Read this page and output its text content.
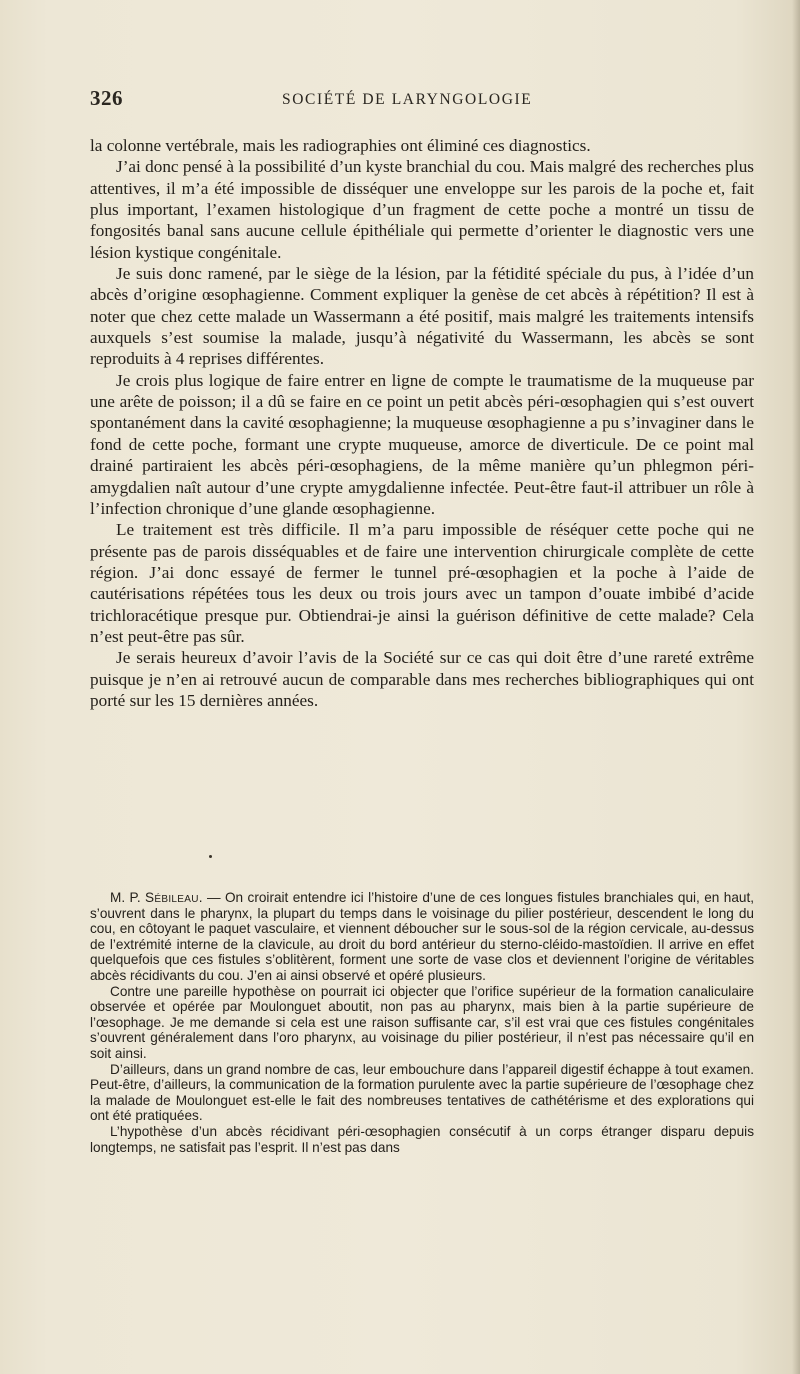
326	SOCIÉTÉ DE LARYNGOLOGIE

la colonne vertébrale, mais les radiographies ont éliminé ces diagnostics.

J’ai donc pensé à la possibilité d’un kyste branchial du cou. Mais malgré des recherches plus attentives, il m’a été impossible de disséquer une enveloppe sur les parois de la poche et, fait plus important, l’examen histologique d’un fragment de cette poche a montré un tissu de fongosités banal sans aucune cellule épithéliale qui permette d’orienter le diagnostic vers une lésion kystique congénitale.

Je suis donc ramené, par le siège de la lésion, par la fétidité spéciale du pus, à l’idée d’un abcès d’origine œsophagienne. Comment expliquer la genèse de cet abcès à répétition? Il est à noter que chez cette malade un Wassermann a été positif, mais malgré les traitements intensifs auxquels s’est soumise la malade, jusqu’à négativité du Wassermann, les abcès se sont reproduits à 4 reprises différentes.

Je crois plus logique de faire entrer en ligne de compte le traumatisme de la muqueuse par une arête de poisson; il a dû se faire en ce point un petit abcès péri-œsophagien qui s’est ouvert spontanément dans la cavité œsophagienne; la muqueuse œsophagienne a pu s’invaginer dans le fond de cette poche, formant une crypte muqueuse, amorce de diverticule. De ce point mal drainé partiraient les abcès péri-œsophagiens, de la même manière qu’un phlegmon péri-amygdalien naît autour d’une crypte amygdalienne infectée. Peut-être faut-il attribuer un rôle à l’infection chronique d’une glande œsophagienne.

Le traitement est très difficile. Il m’a paru impossible de réséquer cette poche qui ne présente pas de parois disséquables et de faire une intervention chirurgicale complète de cette région. J’ai donc essayé de fermer le tunnel pré-œsophagien et la poche à l’aide de cautérisations répétées tous les deux ou trois jours avec un tampon d’ouate imbibé d’acide trichloracétique presque pur. Obtiendrai-je ainsi la guérison définitive de cette malade? Cela n’est peut-être pas sûr.

Je serais heureux d’avoir l’avis de la Société sur ce cas qui doit être d’une rareté extrême puisque je n’en ai retrouvé aucun de comparable dans mes recherches bibliographiques qui ont porté sur les 15 dernières années.

M. P. Sébileau. — On croirait entendre ici l’histoire d’une de ces longues fistules branchiales qui, en haut, s’ouvrent dans le pharynx, la plupart du temps dans le voisinage du pilier postérieur, descendent le long du cou, en côtoyant le paquet vasculaire, et viennent déboucher sur le sous-sol de la région cervicale, au-dessus de l’extrémité interne de la clavicule, au droit du bord antérieur du sterno-cléido-mastoïdien. Il arrive en effet quelquefois que ces fistules s’oblitèrent, forment une sorte de vase clos et deviennent l’origine de véritables abcès récidivants du cou. J’en ai ainsi observé et opéré plusieurs.

Contre une pareille hypothèse on pourrait ici objecter que l’orifice supérieur de la formation canaliculaire observée et opérée par Moulonguet aboutit, non pas au pharynx, mais bien à la partie supérieure de l’œsophage. Je me demande si cela est une raison suffisante car, s’il est vrai que ces fistules congénitales s’ouvrent généralement dans l’oro pharynx, au voisinage du pilier postérieur, il n’est pas nécessaire qu’il en soit ainsi.

D’ailleurs, dans un grand nombre de cas, leur embouchure dans l’appareil digestif échappe à tout examen. Peut-être, d’ailleurs, la communication de la formation purulente avec la partie supérieure de l’œsophage chez la malade de Moulonguet est-elle le fait des nombreuses tentatives de cathétérisme et des explorations qui ont été pratiquées.

L’hypothèse d’un abcès récidivant péri-œsophagien consécutif à un corps étranger disparu depuis longtemps, ne satisfait pas l’esprit. Il n’est pas dans
